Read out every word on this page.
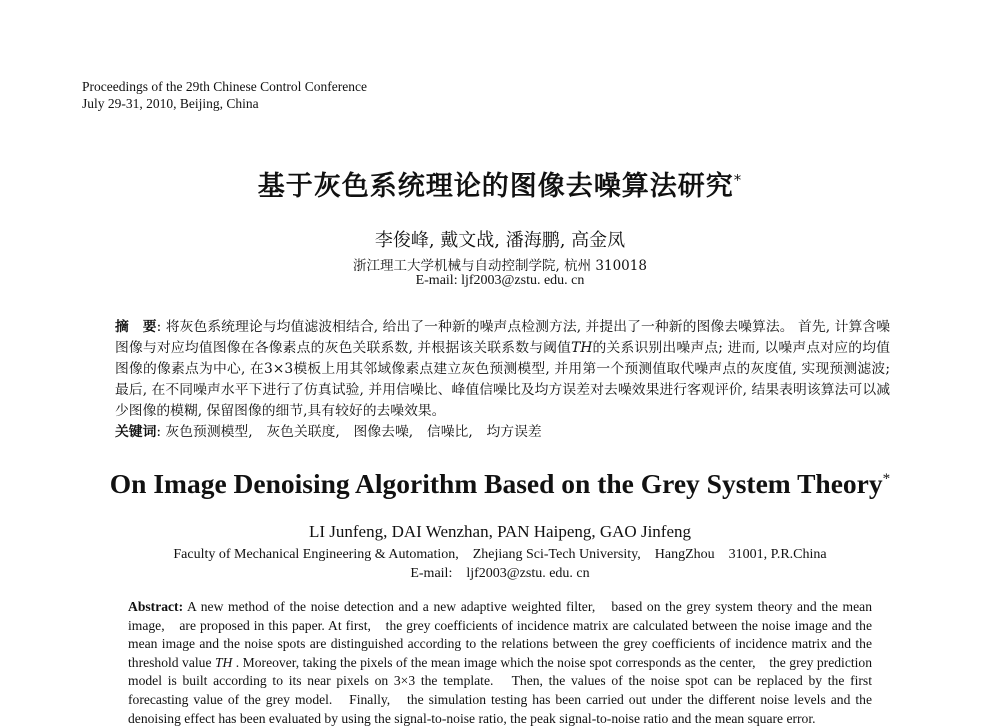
Proceedings of the 29th Chinese Control Conference
July 29-31, 2010, Beijing, China
基于灰色系统理论的图像去噪算法研究*
李俊峰, 戴文战, 潘海鹏, 高金凤
浙江理工大学机械与自动控制学院, 杭州 310018
E-mail: ljf2003@zstu. edu. cn
摘　要: 将灰色系统理论与均值滤波相结合, 给出了一种新的噪声点检测方法, 并提出了一种新的图像去噪算法。 首先, 计算含噪图像与对应均值图像在各像素点的灰色关联系数, 并根据该关联系数与阈值TH的关系识别出噪声点; 进而, 以噪声点对应的均值图像的像素点为中心, 在3×3模板上用其邻域像素点建立灰色预测模型, 并用第一个预测值取代噪声点的灰度值, 实现预测滤波; 最后, 在不同噪声水平下进行了仿真试验, 并用信噪比、峰值信噪比及均方误差对去噪效果进行客观评价, 结果表明该算法可以减少图像的模糊, 保留图像的细节,具有较好的去噪效果。
关键词: 灰色预测模型,　灰色关联度,　图像去噪,　信噪比,　均方误差
On Image Denoising Algorithm Based on the Grey System Theory*
LI Junfeng, DAI Wenzhan, PAN Haipeng, GAO Jinfeng
Faculty of Mechanical Engineering & Automation,　Zhejiang Sci-Tech University,　HangZhou　31001, P.R.China
E-mail:　ljf2003@zstu. edu. cn
Abstract: A new method of the noise detection and a new adaptive weighted filter,　based on the grey system theory and the mean image,　are proposed in this paper. At first,　the grey coefficients of incidence matrix are calculated between the noise image and the mean image and the noise spots are distinguished according to the relations between the grey coefficients of incidence matrix and the threshold value TH . Moreover, taking the pixels of the mean image which the noise spot corresponds as the center,　the grey prediction model is built according to its near pixels on 3×3 the template.　Then, the values of the noise spot can be replaced by the first forecasting value of the grey model.　Finally,　the simulation testing has been carried out under the different noise levels and the denoising effect has been evaluated by using the signal-to-noise ratio, the peak signal-to-noise ratio and the mean square error.
